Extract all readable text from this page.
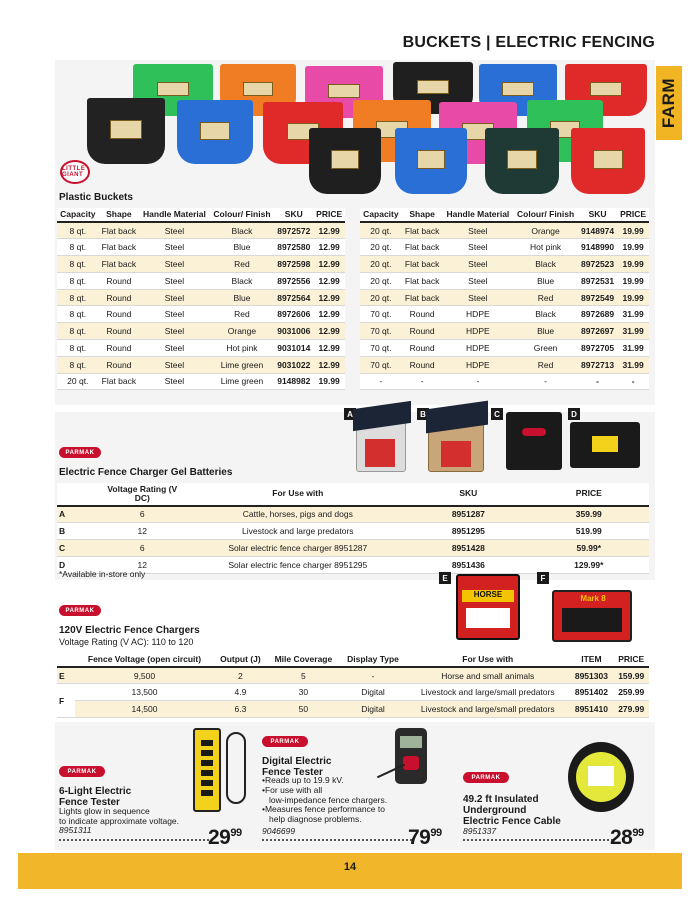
BUCKETS | ELECTRIC FENCING
FARM
LITTLE GIANT
Plastic Buckets
Capacity	Shape	Handle Material	Colour/ Finish	SKU	PRICE
8 qt.	Flat back	Steel	Black	8972572	12.99
8 qt.	Flat back	Steel	Blue	8972580	12.99
8 qt.	Flat back	Steel	Red	8972598	12.99
8 qt.	Round	Steel	Black	8972556	12.99
8 qt.	Round	Steel	Blue	8972564	12.99
8 qt.	Round	Steel	Red	8972606	12.99
8 qt.	Round	Steel	Orange	9031006	12.99
8 qt.	Round	Steel	Hot pink	9031014	12.99
8 qt.	Round	Steel	Lime green	9031022	12.99
20 qt.	Flat back	Steel	Lime green	9148982	19.99
Capacity	Shape	Handle Material	Colour/ Finish	SKU	PRICE
20 qt.	Flat back	Steel	Orange	9148974	19.99
20 qt.	Flat back	Steel	Hot pink	9148990	19.99
20 qt.	Flat back	Steel	Black	8972523	19.99
20 qt.	Flat back	Steel	Blue	8972531	19.99
20 qt.	Flat back	Steel	Red	8972549	19.99
70 qt.	Round	HDPE	Black	8972689	31.99
70 qt.	Round	HDPE	Blue	8972697	31.99
70 qt.	Round	HDPE	Green	8972705	31.99
70 qt.	Round	HDPE	Red	8972713	31.99
-	-	-	-	-	-
A	B	C	D
PARMAK
Electric Fence Charger Gel Batteries
	Voltage Rating (V DC)	For Use with	SKU	PRICE
A	6	Cattle, horses, pigs and dogs	8951287	359.99
B	12	Livestock and large predators	8951295	519.99
C	6	Solar electric fence charger 8951287	8951428	59.99*
D	12	Solar electric fence charger 8951295	8951436	129.99*
*Available in-store only	E
HORSE
F
Mark 8
PARMAK
120V Electric Fence Chargers
Voltage Rating (V AC): 110 to 120
	Fence Voltage (open circuit)	Output (J)	Mile Coverage	Display Type	For Use with	ITEM	PRICE
E	9,500	2	5	-	Horse and small animals	8951303	159.99
F	13,500	4.9	30	Digital	Livestock and large/small predators	8951402	259.99
	14,500	6.3	50	Digital	Livestock and large/small predators	8951410	279.99
PARMAK
6-Light Electric
Fence Tester
Lights glow in sequence
to indicate approximate voltage.
8951311	$29^{99}$
PARMAK
Digital Electric
Fence Tester
•Reads up to 19.9 kV.
•For use with all
low-impedance fence chargers.
•Measures fence performance to
help diagnose problems.
9046699	$79^{99}$
PARMAK
49.2 ft Insulated
Underground
Electric Fence Cable
8951337	$28^{99}$
14
